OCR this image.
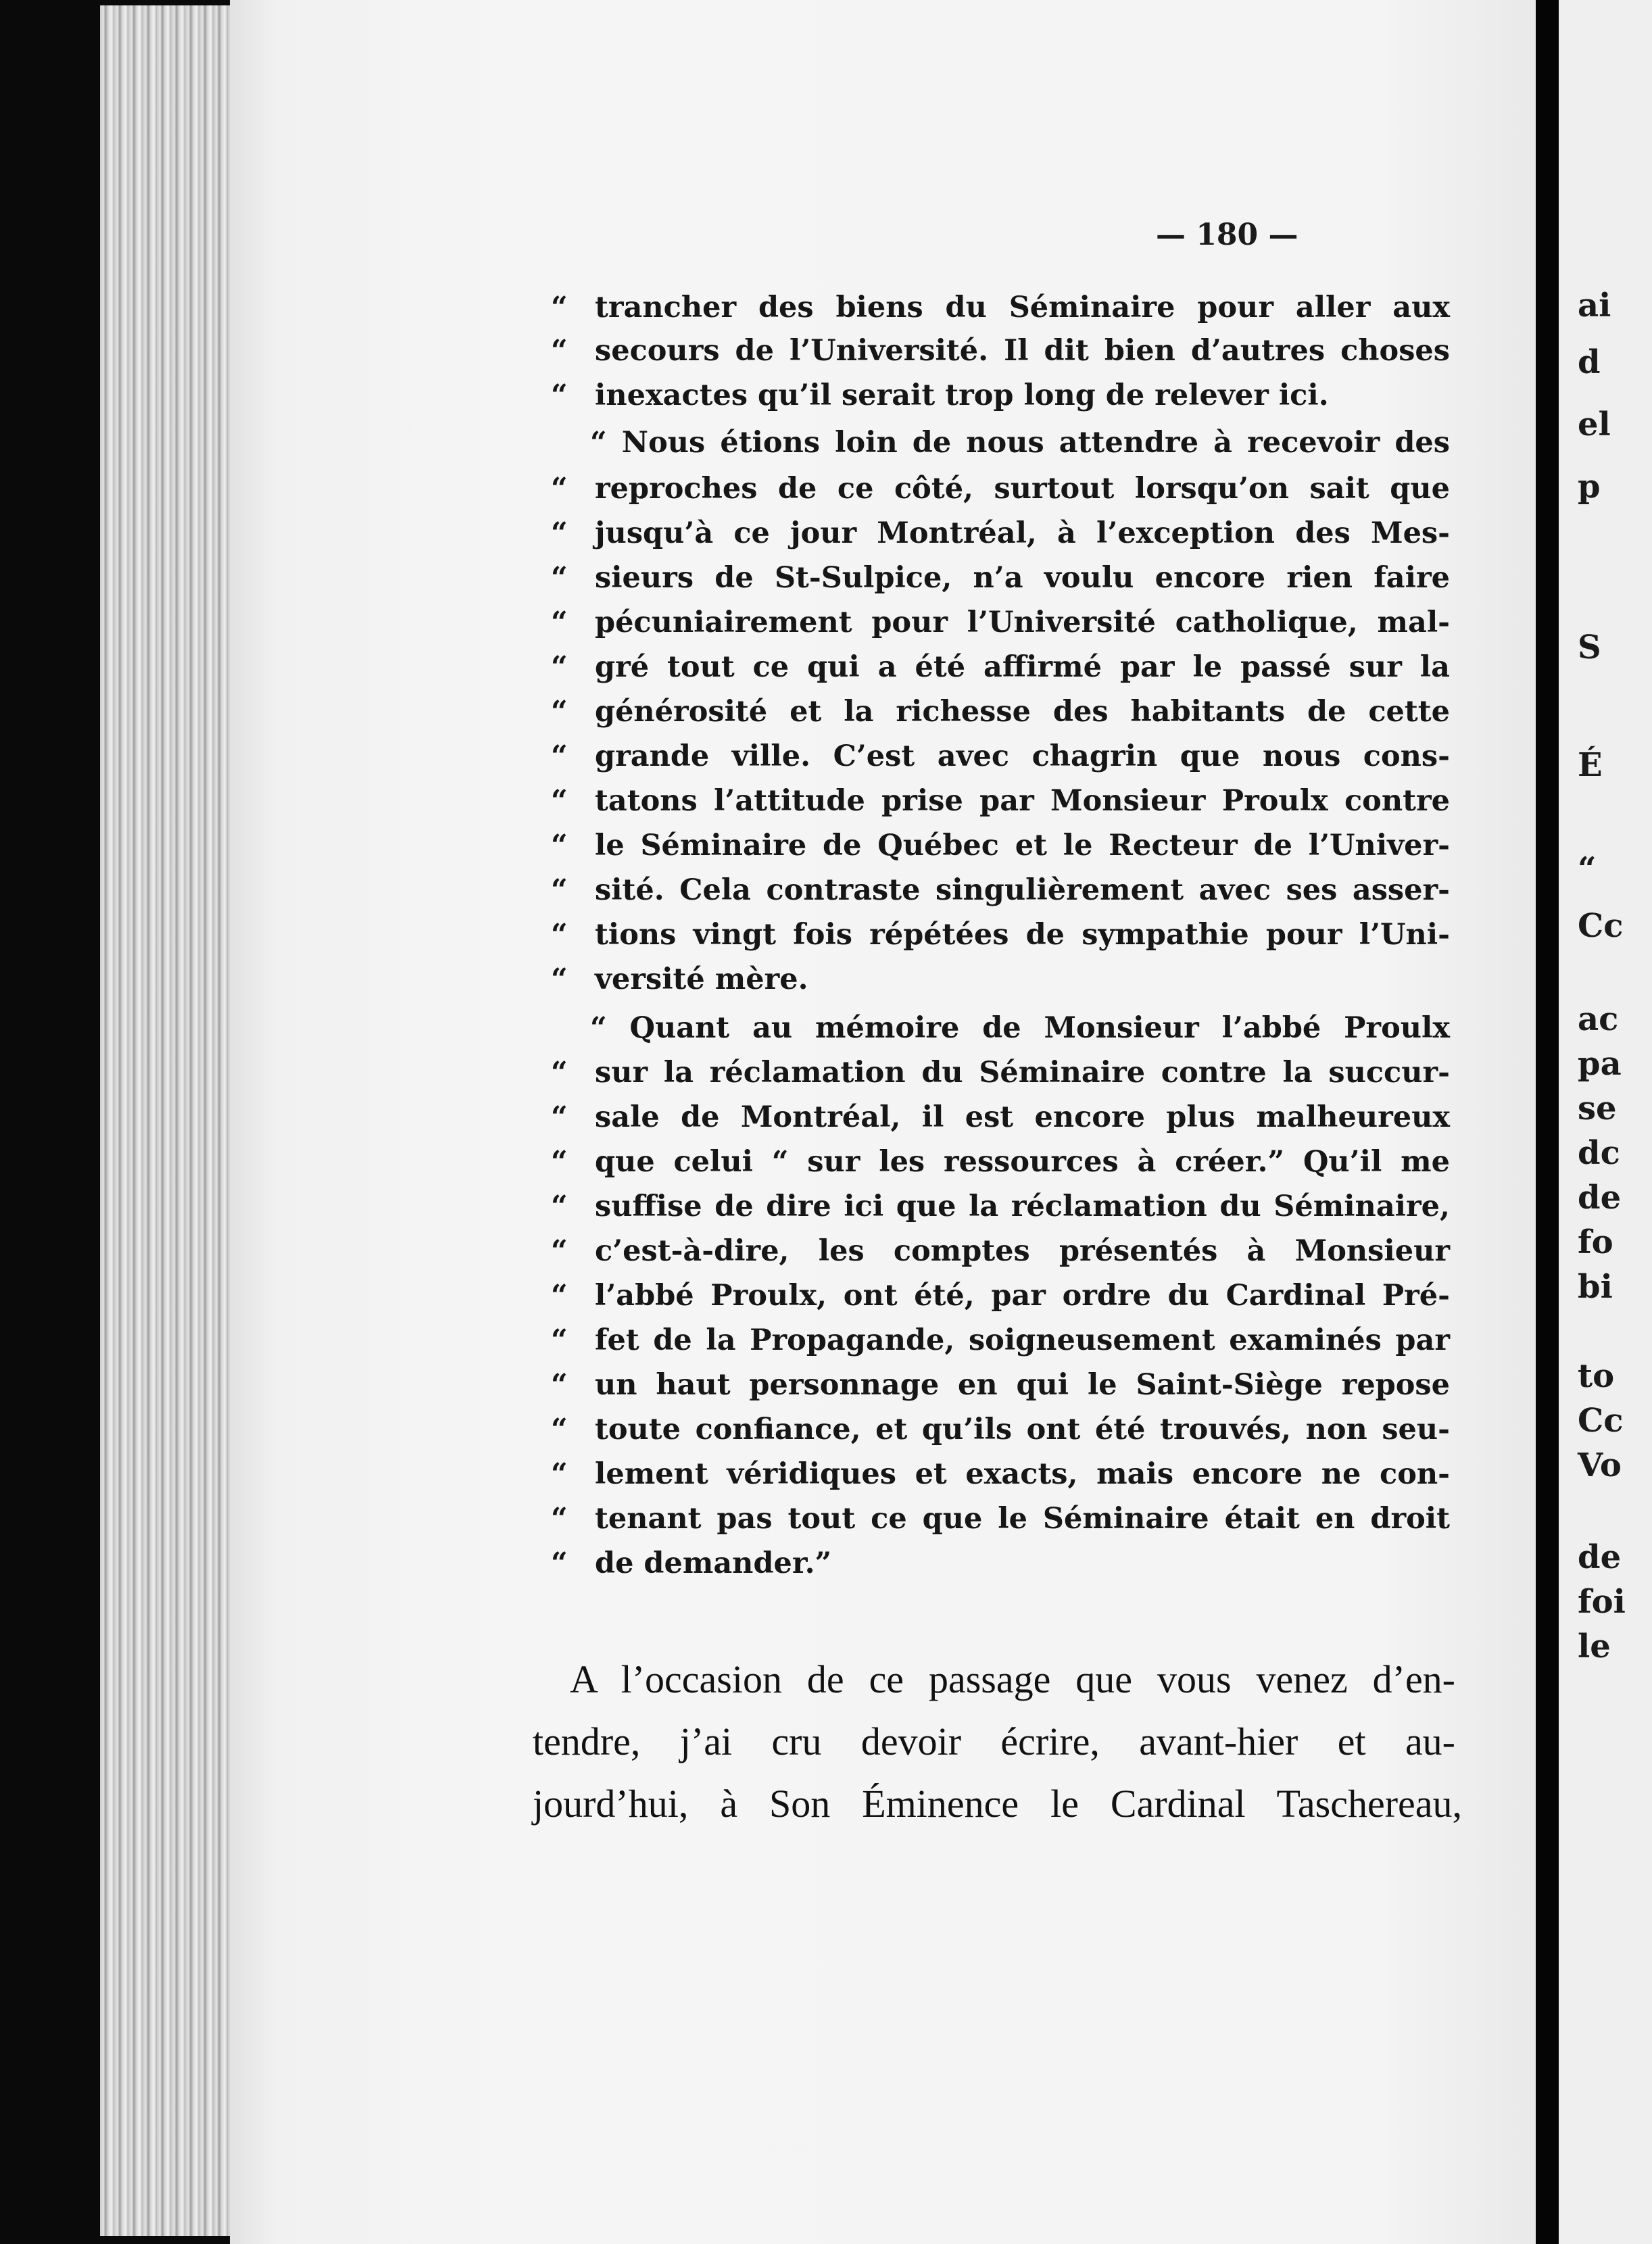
— 180 —
“ trancher des biens du Séminaire pour aller aux
“ secours de l’Université. Il dit bien d’autres choses
“ inexactes qu’il serait trop long de relever ici.
“ Nous étions loin de nous attendre à recevoir des
“ reproches de ce côté, surtout lorsqu’on sait que
“ jusqu’à ce jour Montréal, à l’exception des Mes-
“ sieurs de St-Sulpice, n’a voulu encore rien faire
“ pécuniairement pour l’Université catholique, mal-
“ gré tout ce qui a été affirmé par le passé sur la
“ générosité et la richesse des habitants de cette
“ grande ville. C’est avec chagrin que nous cons-
“ tatons l’attitude prise par Monsieur Proulx contre
“ le Séminaire de Québec et le Recteur de l’Univer-
“ sité. Cela contraste singulièrement avec ses asser-
“ tions vingt fois répétées de sympathie pour l’Uni-
“ versité mère.
“ Quant au mémoire de Monsieur l’abbé Proulx
“ sur la réclamation du Séminaire contre la succur-
“ sale de Montréal, il est encore plus malheureux
“ que celui “ sur les ressources à créer.” Qu’il me
“ suffise de dire ici que la réclamation du Séminaire,
“ c’est-à-dire, les comptes présentés à Monsieur
“ l’abbé Proulx, ont été, par ordre du Cardinal Pré-
“ fet de la Propagande, soigneusement examinés par
“ un haut personnage en qui le Saint-Siège repose
“ toute confiance, et qu’ils ont été trouvés, non seu-
“ lement véridiques et exacts, mais encore ne con-
“ tenant pas tout ce que le Séminaire était en droit
“ de demander.”
A l’occasion de ce passage que vous venez d’en-
tendre, j’ai cru devoir écrire, avant-hier et au-
jourd’hui, à Son Éminence le Cardinal Taschereau,
ai
d
el
p
S
É
“
Cc
ac
pa
se
dc
de
fo
bi
to
Cc
Vo
de
foi
le
